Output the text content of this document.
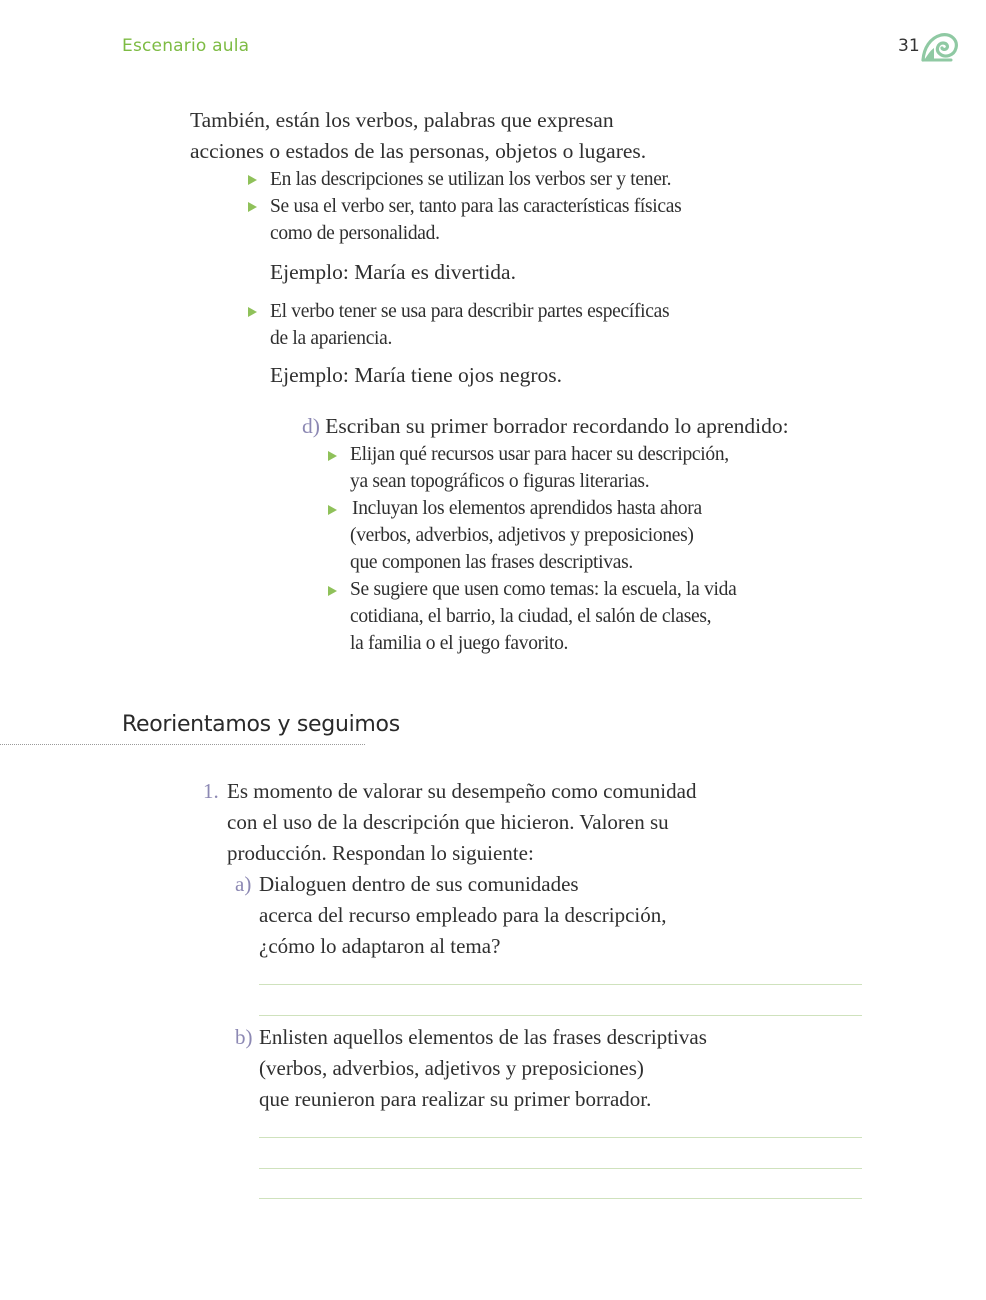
Escenario aula	31
También, están los verbos, palabras que expresan
acciones o estados de las personas, objetos o lugares.
En las descripciones se utilizan los verbos ser y tener.
Se usa el verbo ser, tanto para las características físicas
como de personalidad.
Ejemplo: María es divertida.
El verbo tener se usa para describir partes específicas
de la apariencia.
Ejemplo: María tiene ojos negros.
d) Escriban su primer borrador recordando lo aprendido:
Elijan qué recursos usar para hacer su descripción,
ya sean topográficos o figuras literarias.
Incluyan los elementos aprendidos hasta ahora
(verbos, adverbios, adjetivos y preposiciones)
que componen las frases descriptivas.
Se sugiere que usen como temas: la escuela, la vida
cotidiana, el barrio, la ciudad, el salón de clases,
la familia o el juego favorito.
Reorientamos y seguimos
1. Es momento de valorar su desempeño como comunidad
con el uso de la descripción que hicieron. Valoren su
producción. Respondan lo siguiente:
a) Dialoguen dentro de sus comunidades
acerca del recurso empleado para la descripción,
¿cómo lo adaptaron al tema?
b) Enlisten aquellos elementos de las frases descriptivas
(verbos, adverbios, adjetivos y preposiciones)
que reunieron para realizar su primer borrador.
